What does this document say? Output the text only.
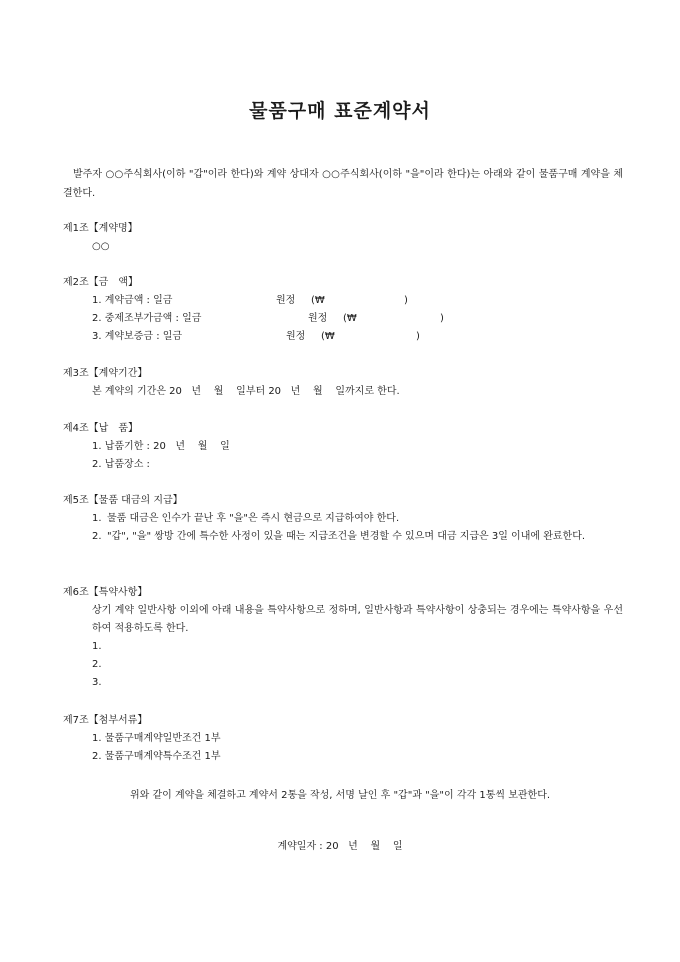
물품구매 표준계약서
발주자 ○○주식회사(이하 "갑"이라 한다)와 계약 상대자 ○○주식회사(이하 "을"이라 한다)는 아래와 같이 물품구매 계약을 체결한다.
제1조【계약명】
○○
제2조【금　액】
1. 계약금액 : 일금	원정 (₩	)
2. 중제조부가금액 : 일금	원정 (₩	)
3. 계약보증금 : 일금	원정 (₩	)
제3조【계약기간】
본 계약의 기간은 20   년    월    일부터 20   년    월    일까지로 한다.
제4조【납　품】
1. 납품기한 : 20   년    월    일
2. 납품장소 :
제5조【물품 대금의 지급】
1. 물품 대금은 인수가 끝난 후 "을"은 즉시 현금으로 지급하여야 한다.
2. "갑", "을" 쌍방 간에 특수한 사정이 있을 때는 지급조건을 변경할 수 있으며 대금 지급은 3일 이내에 완료한다.
제6조【특약사항】
상기 계약 일반사항 이외에 아래 내용을 특약사항으로 정하며, 일반사항과 특약사항이 상충되는 경우에는 특약사항을 우선하여 적용하도록 한다.
1.
2.
3.
제7조【첨부서류】
1. 물품구매계약일반조건 1부
2. 물품구매계약특수조건 1부
위와 같이 계약을 체결하고 계약서 2통을 작성, 서명 날인 후 "갑"과 "을"이 각각 1통씩 보관한다.
계약일자 : 20   년    월    일
